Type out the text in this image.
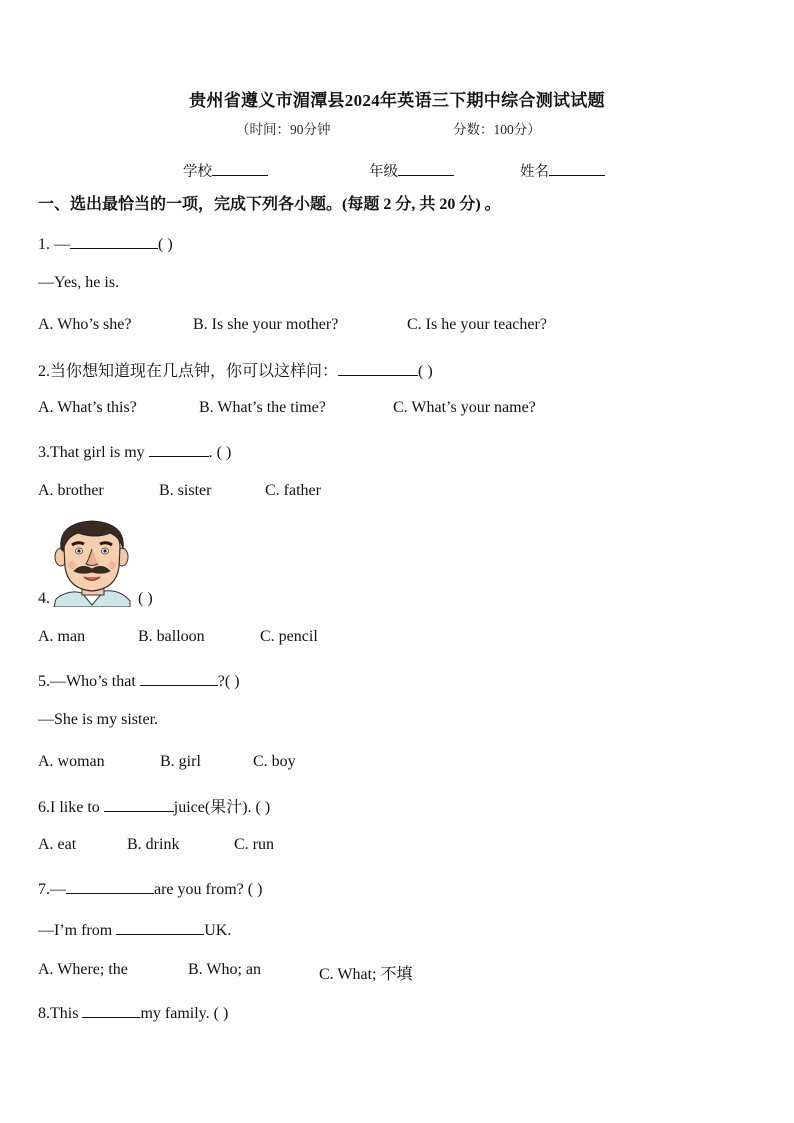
贵州省遵义市湄潭县2024年英语三下期中综合测试试题
（时间：90分钟	分数：100分）
学校	年级	姓名
一、选出最恰当的一项，完成下列各小题。(每题 2 分, 共 20 分) 。
1. —	( )
—Yes, he is.
A. Who’s she?	B. Is she your mother?	C. Is he your teacher?
2.当你想知道现在几点钟，你可以这样问：	( )
A. What’s this?	B. What’s the time?	C. What’s your name?
3.That girl is my	. ( )
A. brother	B. sister	C. father
4.	( )
A. man	B. balloon	C. pencil
5.—Who’s that	?( )
—She is my sister.
A. woman	B. girl	C. boy
6.I like to	juice(果汁). ( )
A. eat	B. drink	C. run
7.—	are you from? ( )
—I’m from	UK.
A. Where; the	B. Who; an	C. What; 不填
8.This	my family. ( )
